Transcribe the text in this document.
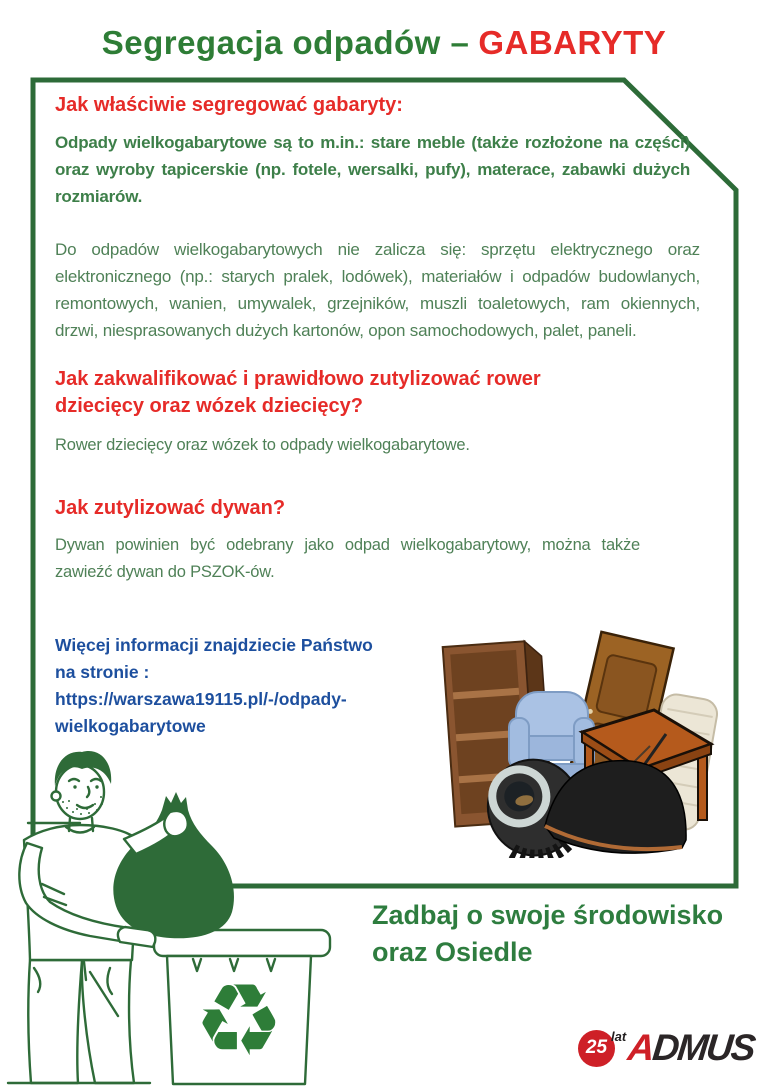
Segregacja odpadów – GABARYTY
Jak właściwie segregować gabaryty:
Odpady wielkogabarytowe są to m.in.: stare meble (także rozłożone na części) oraz wyroby tapicerskie (np. fotele, wersalki, pufy), materace, zabawki dużych rozmiarów.
Do odpadów wielkogabarytowych nie zalicza się: sprzętu elektrycznego oraz elektronicznego (np.: starych pralek, lodówek), materiałów i odpadów budowlanych, remontowych, wanien, umywalek, grzejników, muszli toaletowych, ram okiennych, drzwi, niesprasowanych dużych kartonów, opon samochodowych, palet, paneli.
Jak zakwalifikować i prawidłowo zutylizować rower dziecięcy oraz wózek dziecięcy?
Rower dziecięcy oraz wózek to odpady wielkogabarytowe.
Jak zutylizować dywan?
Dywan powinien być odebrany jako odpad wielkogabarytowy, można także zawieźć dywan do PSZOK-ów.
Więcej informacji znajdziecie Państwo
na stronie :
https://warszawa19115.pl/-/odpady-
wielkogabarytowe
♻
Zadbaj o swoje środowisko
oraz Osiedle
25
lat ADMUS
